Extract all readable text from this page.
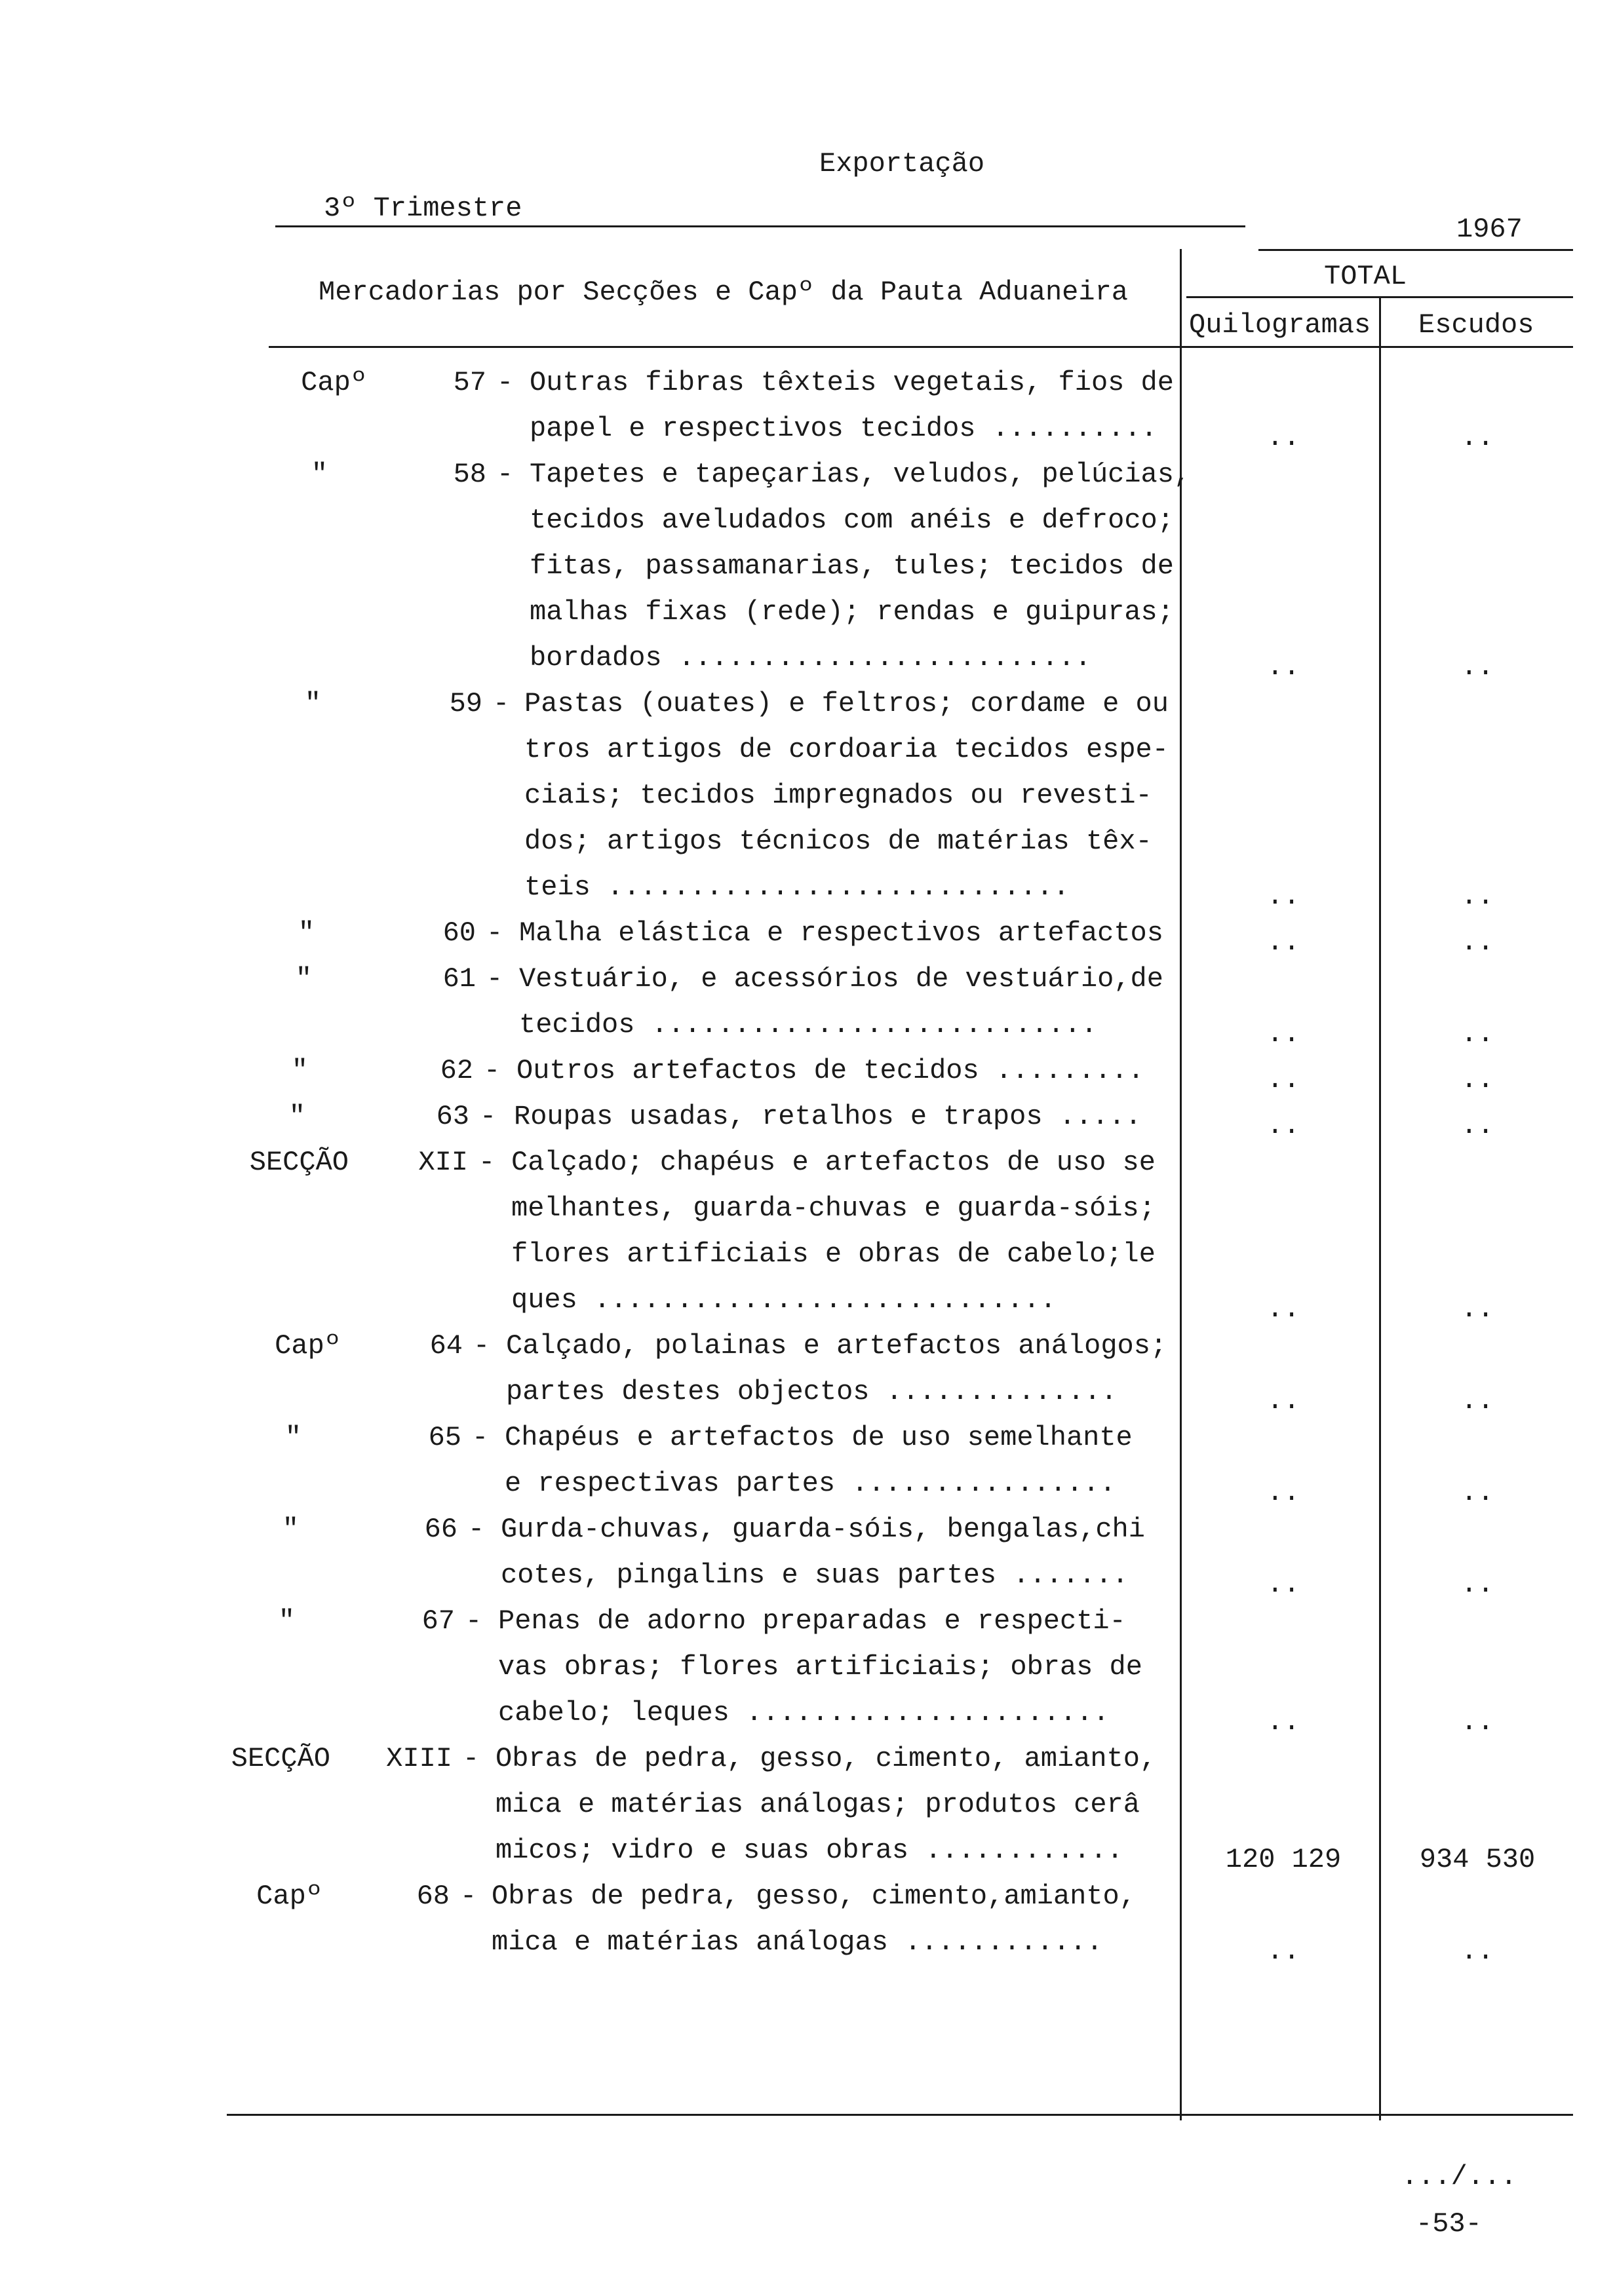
Exportação
3º Trimestre
1967
Mercadorias por Secções e Capº da Pauta Aduaneira	TOTAL
Quilogramas Escudos
Capº	57 - Outras fibras têxteis vegetais, fios de
papel e respectivos tecidos ..........	..	..
"	58 - Tapetes e tapeçarias, veludos, pelúcias,
tecidos aveludados com anéis e defroco;
fitas, passamanarias, tules; tecidos de
malhas fixas (rede); rendas e guipuras;
bordados .........................	..	..
"	59 - Pastas (ouates) e feltros; cordame e ou
tros artigos de cordoaria tecidos espe-
ciais; tecidos impregnados ou revesti-
dos; artigos técnicos de matérias têx-
teis ............................	..	..
"	60 - Malha elástica e respectivos artefactos	..	..
"	61 - Vestuário, e acessórios de vestuário,de
tecidos ...........................	..	..
"	62 - Outros artefactos de tecidos .........	..	..
"	63 - Roupas usadas, retalhos e trapos .....	..	..
SECÇÃO	XII - Calçado; chapéus e artefactos de uso se
melhantes, guarda-chuvas e guarda-sóis;
flores artificiais e obras de cabelo;le
ques ............................	..	..
Capº	64 - Calçado, polainas e artefactos análogos;
partes destes objectos ..............	..	..
"	65 - Chapéus e artefactos de uso semelhante
e respectivas partes ................	..	..
"	66 - Gurda-chuvas, guarda-sóis, bengalas,chi
cotes, pingalins e suas partes .......	..	..
"	67 - Penas de adorno preparadas e respecti-
vas obras; flores artificiais; obras de
cabelo; leques ......................	..	..
SECÇÃO	XIII - Obras de pedra, gesso, cimento, amianto,
mica e matérias análogas; produtos cerâ
micos; vidro e suas obras ............	120 129	934 530
Capº	68 - Obras de pedra, gesso, cimento,amianto,
mica e matérias análogas ............	..	..
.../...
-53-
